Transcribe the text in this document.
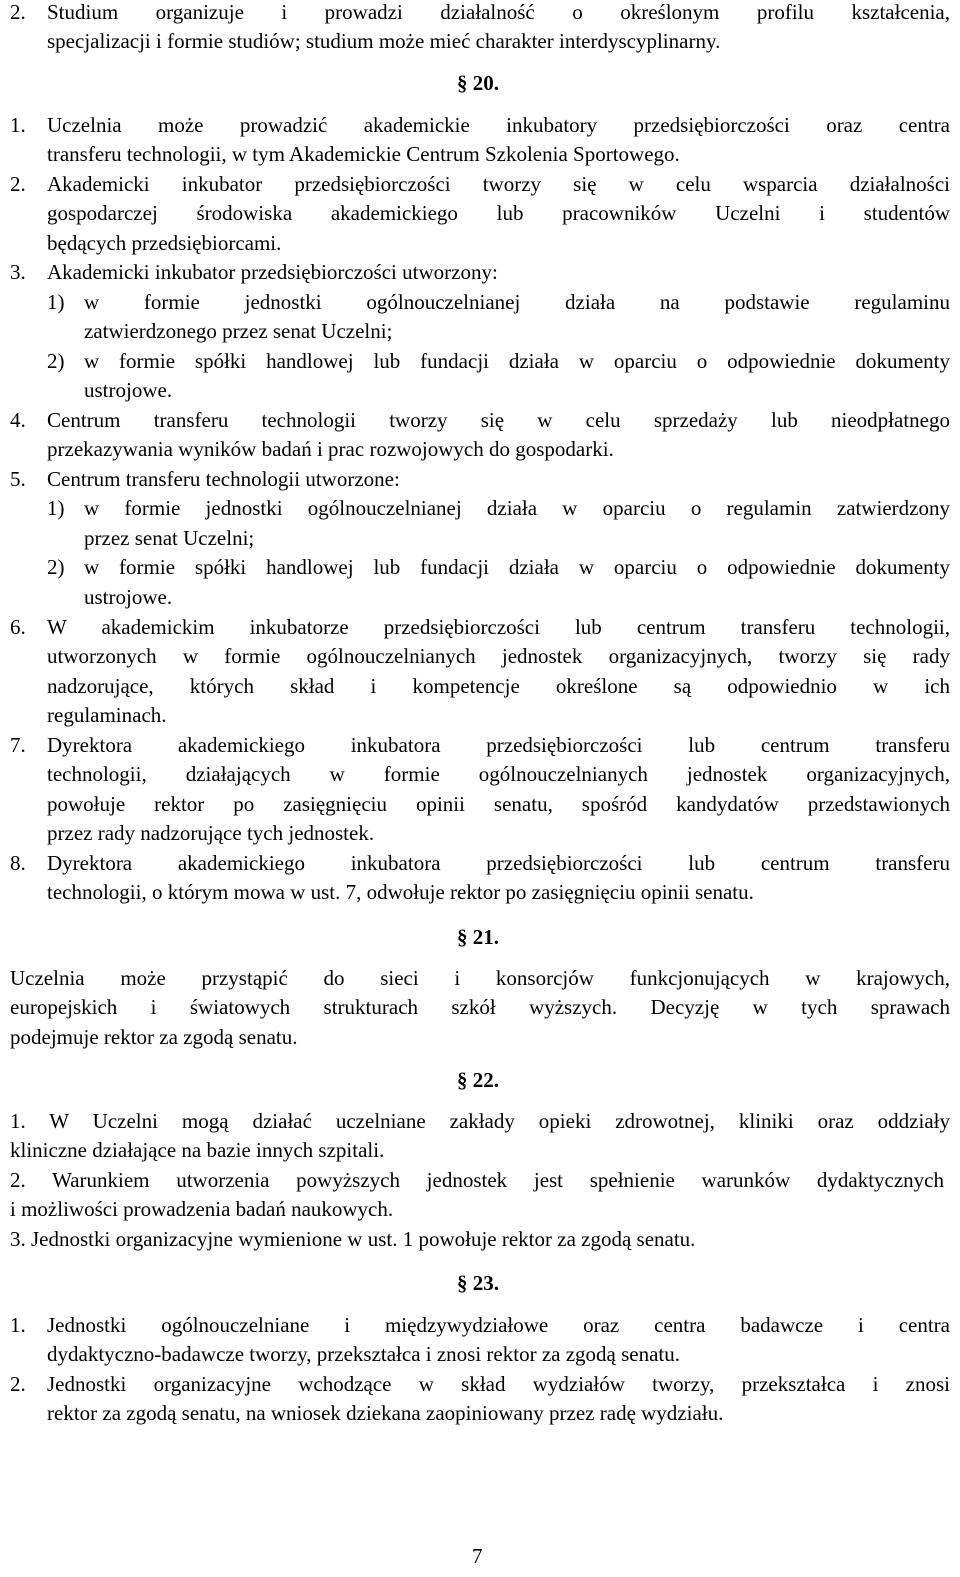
2. Studium organizuje i prowadzi działalność o określonym profilu kształcenia,
specjalizacji i formie studiów; studium może mieć charakter interdyscyplinarny.
§ 20.
1. Uczelnia może prowadzić akademickie inkubatory przedsiębiorczości oraz centra
transferu technologii, w tym Akademickie Centrum Szkolenia Sportowego.
2. Akademicki inkubator przedsiębiorczości tworzy się w celu wsparcia działalności
gospodarczej środowiska akademickiego lub pracowników Uczelni i studentów
będących przedsiębiorcami.
3. Akademicki inkubator przedsiębiorczości utworzony:
1) w formie jednostki ogólnouczelnianej działa na podstawie regulaminu
zatwierdzonego przez senat Uczelni;
2) w formie spółki handlowej lub fundacji działa w oparciu o odpowiednie dokumenty
ustrojowe.
4. Centrum transferu technologii tworzy się w celu sprzedaży lub nieodpłatnego
przekazywania wyników badań i prac rozwojowych do gospodarki.
5. Centrum transferu technologii utworzone:
1) w formie jednostki ogólnouczelnianej działa w oparciu o regulamin zatwierdzony
przez senat Uczelni;
2) w formie spółki handlowej lub fundacji działa w oparciu o odpowiednie dokumenty
ustrojowe.
6. W akademickim inkubatorze przedsiębiorczości lub centrum transferu technologii,
utworzonych w formie ogólnouczelnianych jednostek organizacyjnych, tworzy się rady
nadzorujące, których skład i kompetencje określone są odpowiednio w ich
regulaminach.
7. Dyrektora akademickiego inkubatora przedsiębiorczości lub centrum transferu
technologii, działających w formie ogólnouczelnianych jednostek organizacyjnych,
powołuje rektor po zasięgnięciu opinii senatu, spośród kandydatów przedstawionych
przez rady nadzorujące tych jednostek.
8. Dyrektora akademickiego inkubatora przedsiębiorczości lub centrum transferu
technologii, o którym mowa w ust. 7, odwołuje rektor po zasięgnięciu opinii senatu.
§ 21.
Uczelnia może przystąpić do sieci i konsorcjów funkcjonujących w krajowych,
europejskich i światowych strukturach szkół wyższych. Decyzję w tych sprawach
podejmuje rektor za zgodą senatu.
§ 22.
1. W Uczelni mogą działać uczelniane zakłady opieki zdrowotnej, kliniki oraz oddziały
kliniczne działające na bazie innych szpitali.
2. Warunkiem utworzenia powyższych jednostek jest spełnienie warunków dydaktycznych
i możliwości prowadzenia badań naukowych.
3. Jednostki organizacyjne wymienione w ust. 1 powołuje rektor za zgodą senatu.
§ 23.
1. Jednostki ogólnouczelniane i międzywydziałowe oraz centra badawcze i centra
dydaktyczno-badawcze tworzy, przekształca i znosi rektor za zgodą senatu.
2. Jednostki organizacyjne wchodzące w skład wydziałów tworzy, przekształca i znosi
rektor za zgodą senatu, na wniosek dziekana zaopiniowany przez radę wydziału.
7
